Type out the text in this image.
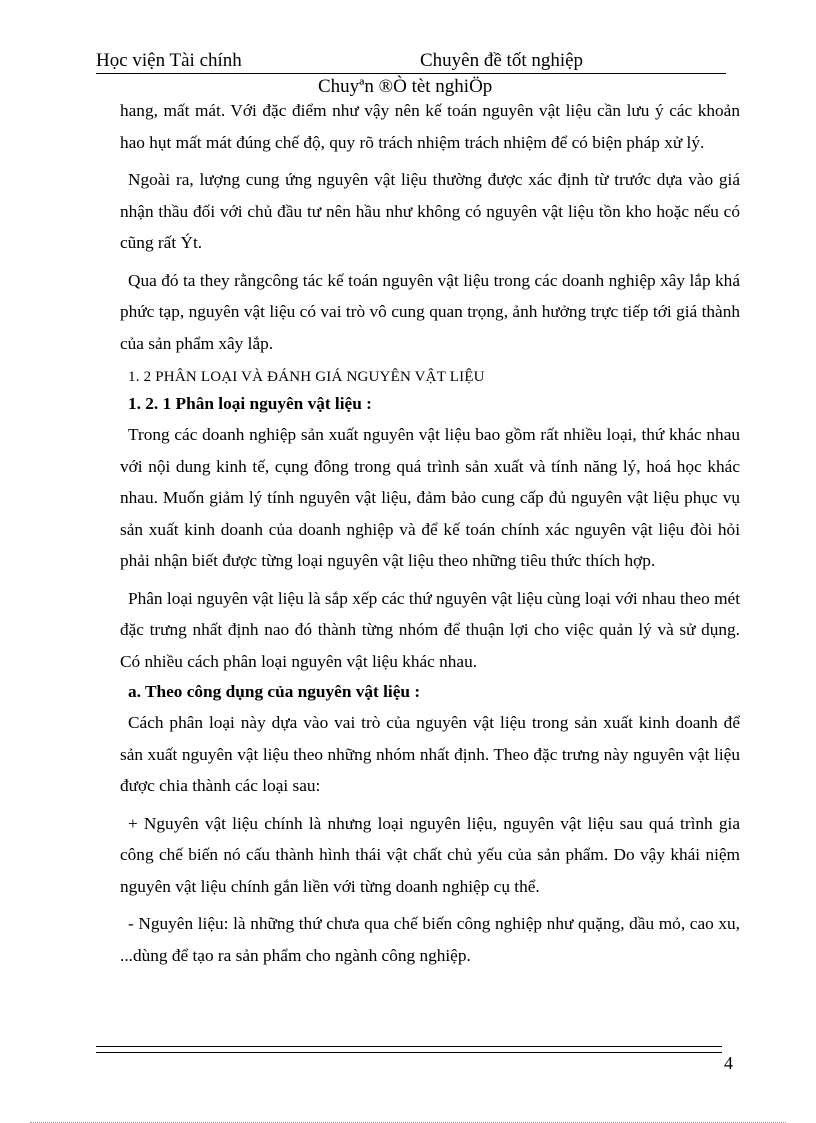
Học viện Tài chính	Chuyên đề tốt nghiệp
Chuyªn ®Ò tèt nghiÖp

hang, mất mát. Với đặc điểm như vậy nên kế toán nguyên vật liệu cần lưu ý các khoản hao hụt mất mát đúng chế độ, quy rõ trách nhiệm trách nhiệm để có biện pháp xử lý.

Ngoài ra, lượng cung ứng nguyên vật liệu thường được xác định từ trước dựa vào giá nhận thầu đối với chủ đầu tư nên hầu như không có nguyên vật liệu tồn kho hoặc nếu có cũng rất Ýt.

Qua đó ta they rằngcông tác kế toán nguyên vật liệu trong các doanh nghiệp xây lắp khá phức tạp, nguyên vật liệu có vai trò vô cung quan trọng, ảnh hưởng trực tiếp tới giá thành của sản phẩm xây lắp.

1. 2 PHÂN LOẠI VÀ ĐÁNH GIÁ NGUYÊN VẬT LIỆU
1. 2. 1 Phân loại nguyên vật liệu :

Trong các doanh nghiệp sản xuất nguyên vật liệu bao gồm rất nhiều loại, thứ khác nhau với nội dung kinh tế, cụng đông trong quá trình sản xuất và tính năng lý, hoá học khác nhau. Muốn giảm lý tính nguyên vật liệu, đảm bảo cung cấp đủ nguyên vật liệu phục vụ sản xuất kinh doanh của doanh nghiệp và để kế toán chính xác nguyên vật liệu đòi hỏi phải nhận biết được từng loại nguyên vật liệu theo những tiêu thức thích hợp.

Phân loại nguyên vật liệu là sắp xếp các thứ nguyên vật liệu cùng loại với nhau theo mét đặc trưng nhất định nao đó thành từng nhóm để thuận lợi cho việc quản lý và sử dụng. Có nhiều cách phân loại nguyên vật liệu khác nhau.

a. Theo công dụng của nguyên vật liệu :

Cách phân loại này dựa vào vai trò của nguyên vật liệu trong sản xuất kinh doanh để sản xuất nguyên vật liệu theo những nhóm nhất định. Theo đặc trưng này nguyên vật liệu được chia thành các loại sau:

+ Nguyên vật liệu chính là nhưng loại nguyên liệu, nguyên vật liệu sau quá trình gia công chế biến nó cấu thành hình thái vật chất chủ yếu của sản phẩm. Do vậy khái niệm nguyên vật liệu chính gắn liền với từng doanh nghiệp cụ thể.

- Nguyên liệu: là những thứ chưa qua chế biến công nghiệp như quặng, dầu mỏ, cao xu, ...dùng để tạo ra sản phẩm cho ngành công nghiệp.

4
